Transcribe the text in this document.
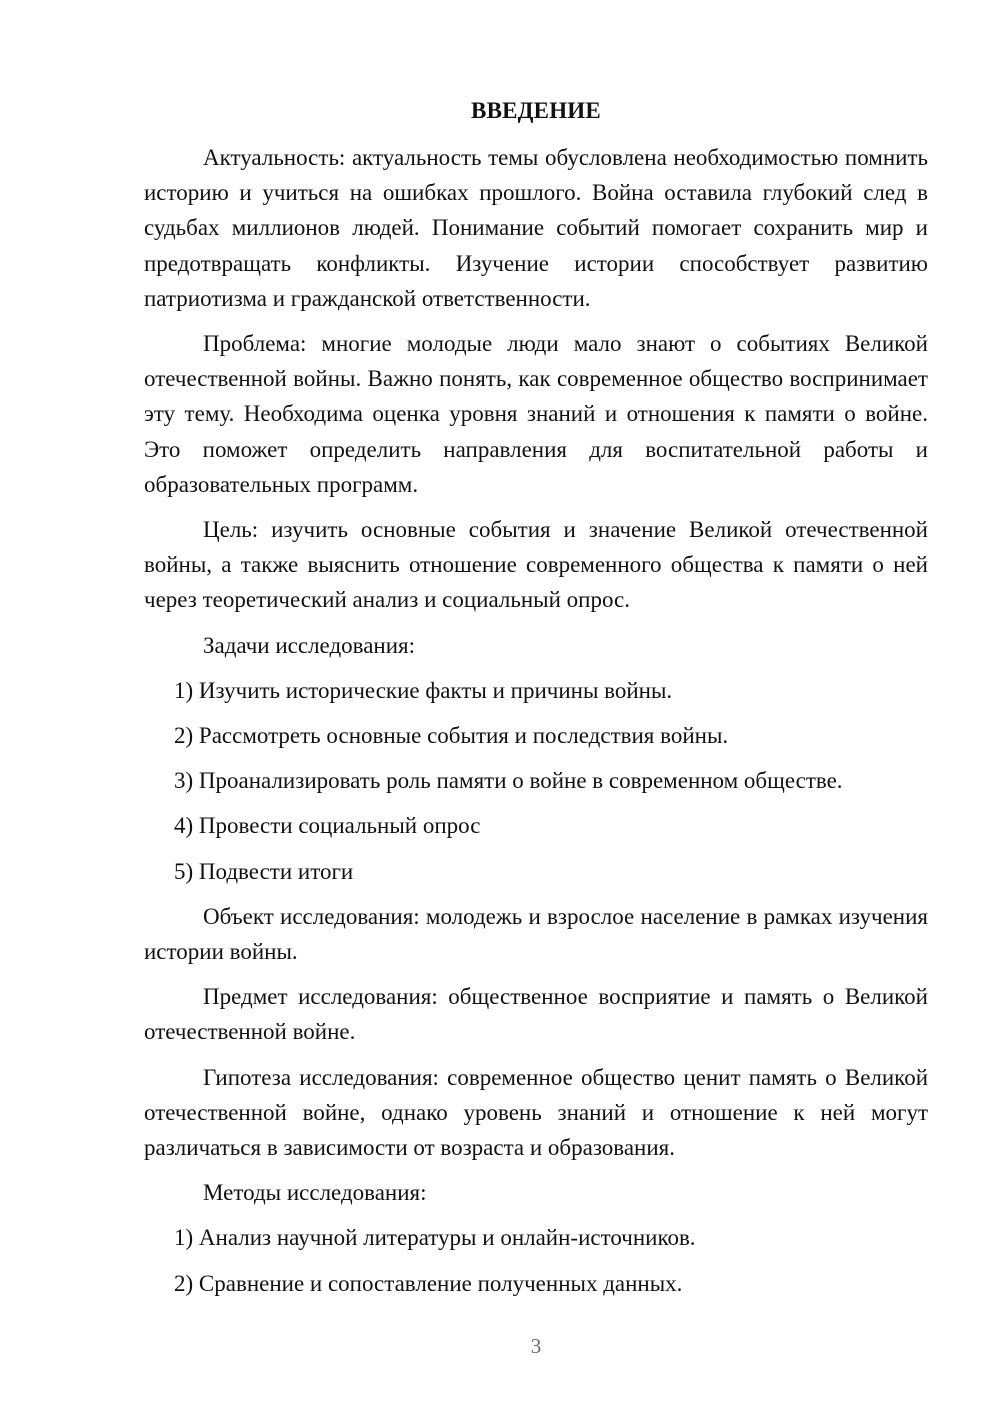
ВВЕДЕНИЕ

Актуальность: актуальность темы обусловлена необходимостью помнить историю и учиться на ошибках прошлого. Война оставила глубокий след в судьбах миллионов людей. Понимание событий помогает сохранить мир и предотвращать конфликты. Изучение истории способствует развитию патриотизма и гражданской ответственности.

Проблема: многие молодые люди мало знают о событиях Великой отечественной войны. Важно понять, как современное общество воспринимает эту тему. Необходима оценка уровня знаний и отношения к памяти о войне. Это поможет определить направления для воспитательной работы и образовательных программ.

Цель: изучить основные события и значение Великой отечественной войны, а также выяснить отношение современного общества к памяти о ней через теоретический анализ и социальный опрос.

Задачи исследования:
1) Изучить исторические факты и причины войны.
2) Рассмотреть основные события и последствия войны.
3) Проанализировать роль памяти о войне в современном обществе.
4) Провести социальный опрос
5) Подвести итоги

Объект исследования: молодежь и взрослое население в рамках изучения истории войны.

Предмет исследования: общественное восприятие и память о Великой отечественной войне.

Гипотеза исследования: современное общество ценит память о Великой отечественной войне, однако уровень знаний и отношение к ней могут различаться в зависимости от возраста и образования.

Методы исследования:
1) Анализ научной литературы и онлайн-источников.
2) Сравнение и сопоставление полученных данных.
3
